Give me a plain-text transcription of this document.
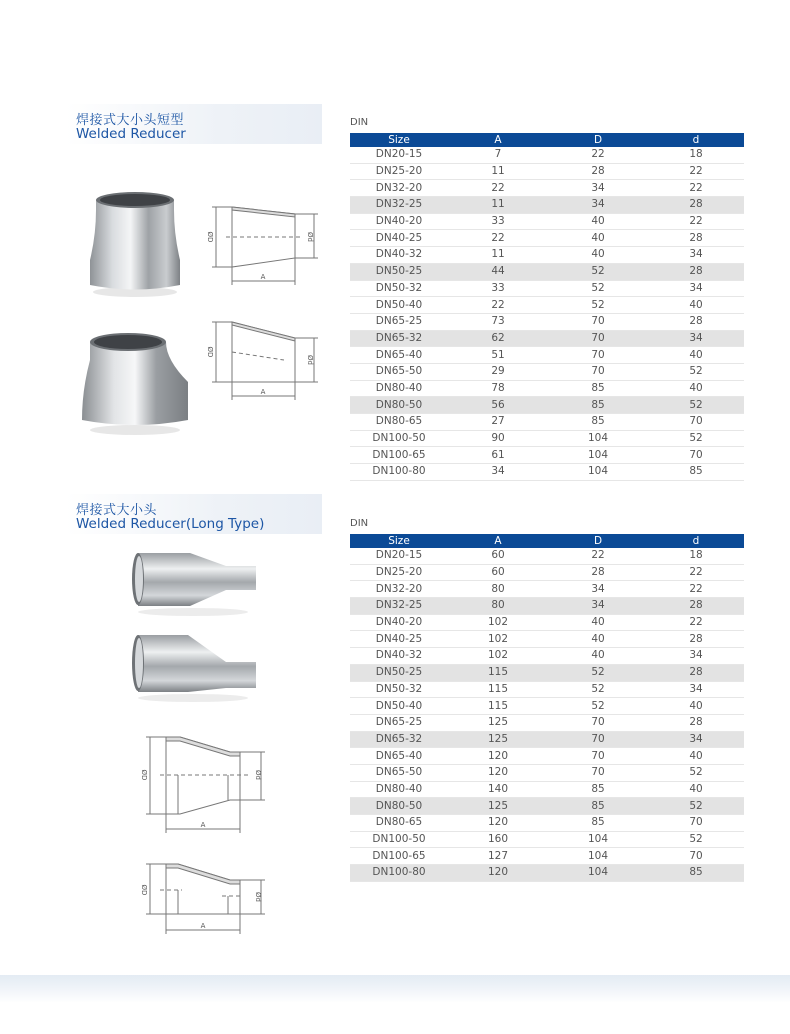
焊接式大小头短型
Welded Reducer
ØD	Ød
A
ØD
Ød
A
DIN
Size	A	D	d
DN20-15	7	22	18
DN25-20	11	28	22
DN32-20	22	34	22
DN32-25	11	34	28
DN40-20	33	40	22
DN40-25	22	40	28
DN40-32	11	40	34
DN50-25	44	52	28
DN50-32	33	52	34
DN50-40	22	52	40
DN65-25	73	70	28
DN65-32	62	70	34
DN65-40	51	70	40
DN65-50	29	70	52
DN80-40	78	85	40
DN80-50	56	85	52
DN80-65	27	85	70
DN100-50	90	104	52
DN100-65	61	104	70
DN100-80	34	104	85
焊接式大小头
Welded Reducer(Long Type)
ØD	Ød
A
ØD
Ød
A
DIN
Size	A	D	d
DN20-15	60	22	18
DN25-20	60	28	22
DN32-20	80	34	22
DN32-25	80	34	28
DN40-20	102	40	22
DN40-25	102	40	28
DN40-32	102	40	34
DN50-25	115	52	28
DN50-32	115	52	34
DN50-40	115	52	40
DN65-25	125	70	28
DN65-32	125	70	34
DN65-40	120	70	40
DN65-50	120	70	52
DN80-40	140	85	40
DN80-50	125	85	52
DN80-65	120	85	70
DN100-50	160	104	52
DN100-65	127	104	70
DN100-80	120	104	85
